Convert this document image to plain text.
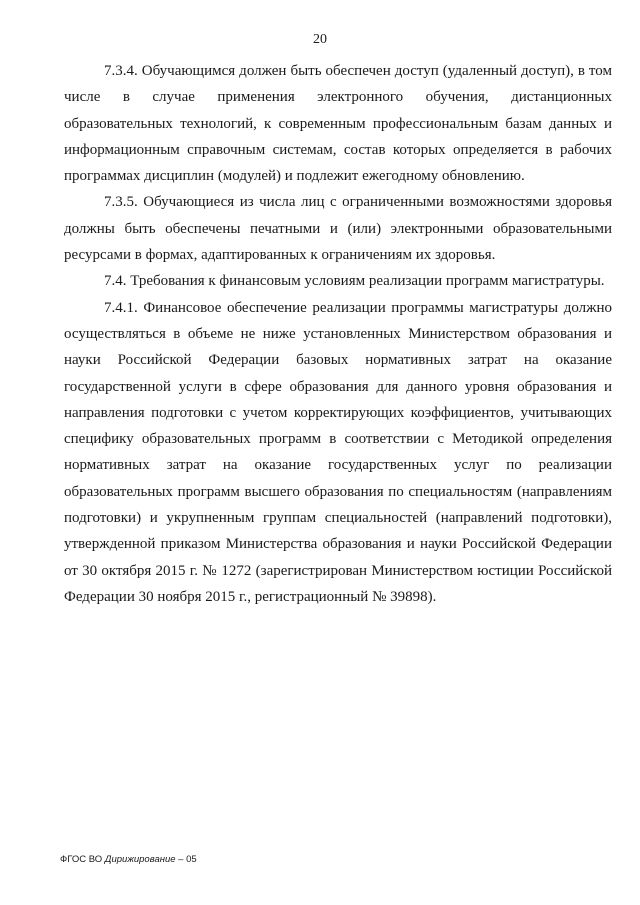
20

7.3.4. Обучающимся должен быть обеспечен доступ (удаленный доступ), в том числе в случае применения электронного обучения, дистанционных образовательных технологий, к современным профессиональным базам данных и информационным справочным системам, состав которых определяется в рабочих программах дисциплин (модулей) и подлежит ежегодному обновлению.

7.3.5. Обучающиеся из числа лиц с ограниченными возможностями здоровья должны быть обеспечены печатными и (или) электронными образовательными ресурсами в формах, адаптированных к ограничениям их здоровья.

7.4. Требования к финансовым условиям реализации программ магистратуры.

7.4.1. Финансовое обеспечение реализации программы магистратуры должно осуществляться в объеме не ниже установленных Министерством образования и науки Российской Федерации базовых нормативных затрат на оказание государственной услуги в сфере образования для данного уровня образования и направления подготовки с учетом корректирующих коэффициентов, учитывающих специфику образовательных программ в соответствии с Методикой определения нормативных затрат на оказание государственных услуг по реализации образовательных программ высшего образования по специальностям (направлениям подготовки) и укрупненным группам специальностей (направлений подготовки), утвержденной приказом Министерства образования и науки Российской Федерации от 30 октября 2015 г. № 1272 (зарегистрирован Министерством юстиции Российской Федерации 30 ноября 2015 г., регистрационный № 39898).

ФГОС ВО Дирижирование – 05
